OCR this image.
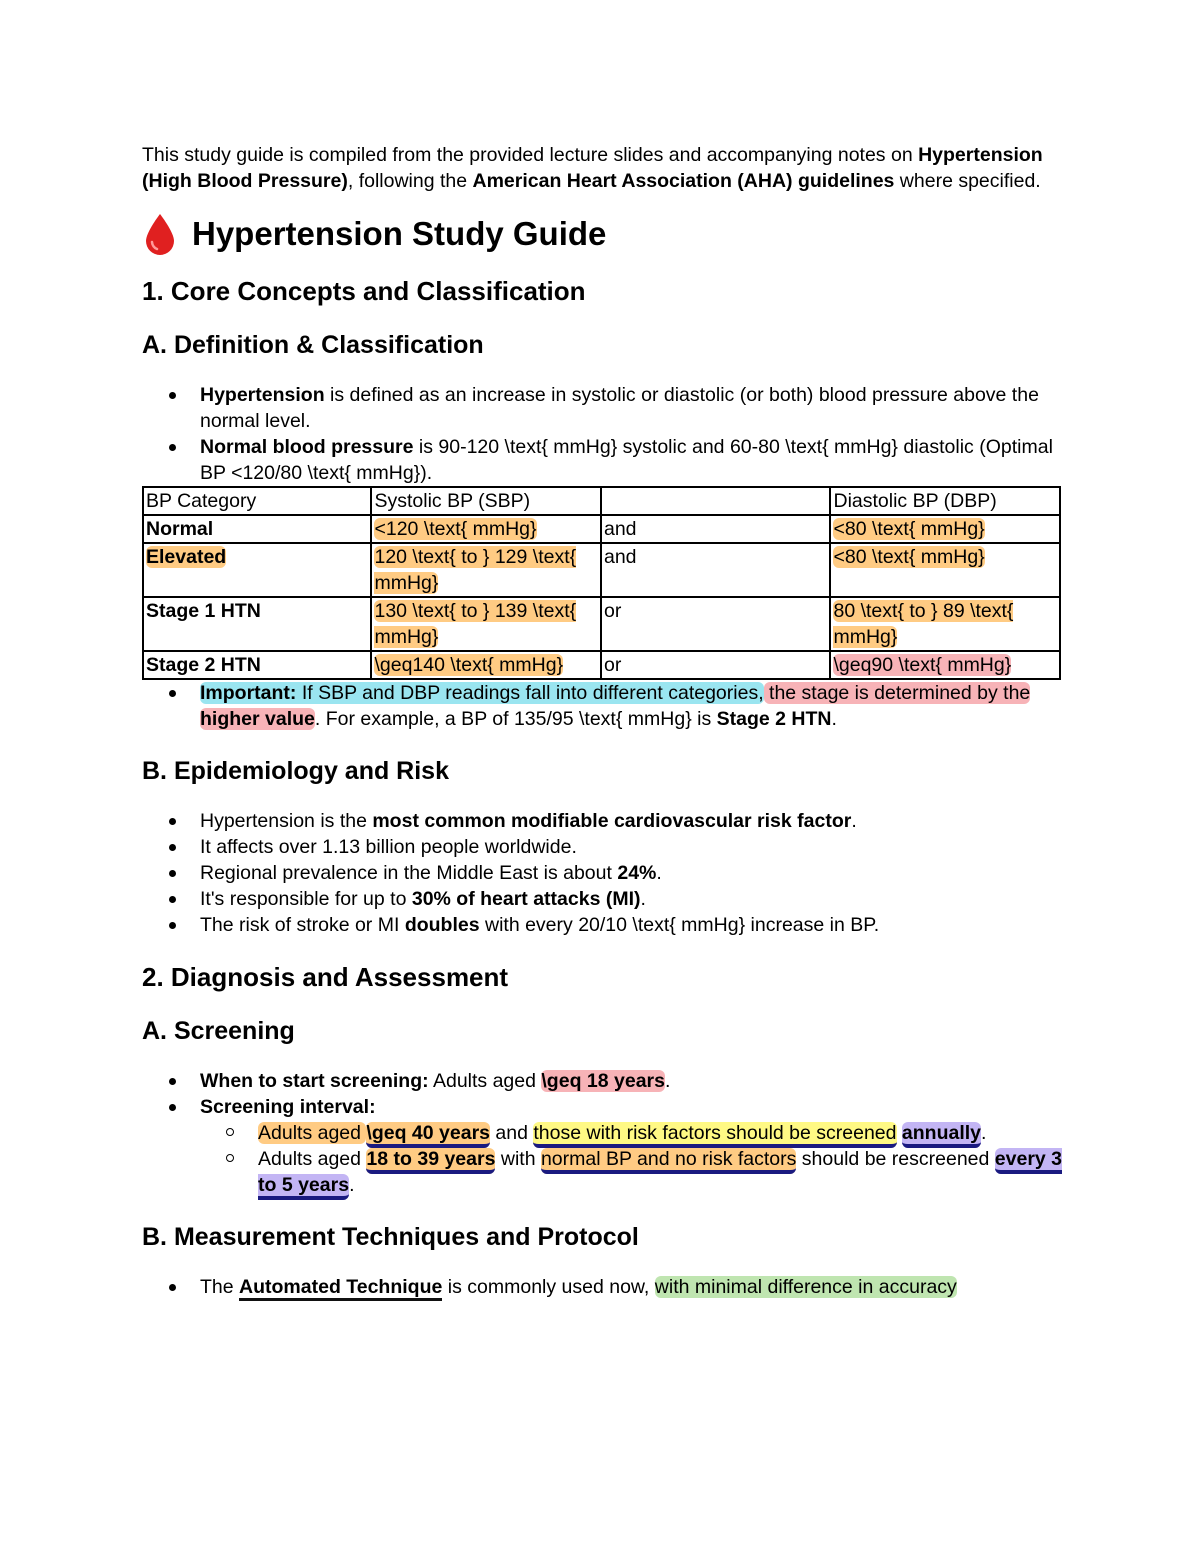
This study guide is compiled from the provided lecture slides and accompanying notes on Hypertension (High Blood Pressure), following the American Heart Association (AHA) guidelines where specified.

Hypertension Study Guide
1. Core Concepts and Classification
A. Definition & Classification
Hypertension is defined as an increase in systolic or diastolic (or both) blood pressure above the normal level.
Normal blood pressure is 90-120 \text{ mmHg} systolic and 60-80 \text{ mmHg} diastolic (Optimal BP <120/80 \text{ mmHg}).
BP Category	Systolic BP (SBP)		Diastolic BP (DBP)
Normal	<120 \text{ mmHg}	and	<80 \text{ mmHg}
Elevated	120 \text{ to } 129 \text{ mmHg}	and	<80 \text{ mmHg}
Stage 1 HTN	130 \text{ to } 139 \text{ mmHg}	or	80 \text{ to } 89 \text{ mmHg}
Stage 2 HTN	\geq140 \text{ mmHg}	or	\geq90 \text{ mmHg}
Important: If SBP and DBP readings fall into different categories, the stage is determined by the higher value. For example, a BP of 135/95 \text{ mmHg} is Stage 2 HTN.
B. Epidemiology and Risk
Hypertension is the most common modifiable cardiovascular risk factor.
It affects over 1.13 billion people worldwide.
Regional prevalence in the Middle East is about 24%.
It's responsible for up to 30% of heart attacks (MI).
The risk of stroke or MI doubles with every 20/10 \text{ mmHg} increase in BP.
2. Diagnosis and Assessment
A. Screening
When to start screening: Adults aged \geq 18 years.
Screening interval:
Adults aged \geq 40 years and those with risk factors should be screened annually.
Adults aged 18 to 39 years with normal BP and no risk factors should be rescreened every 3 to 5 years.
B. Measurement Techniques and Protocol
The Automated Technique is commonly used now, with minimal difference in accuracy
